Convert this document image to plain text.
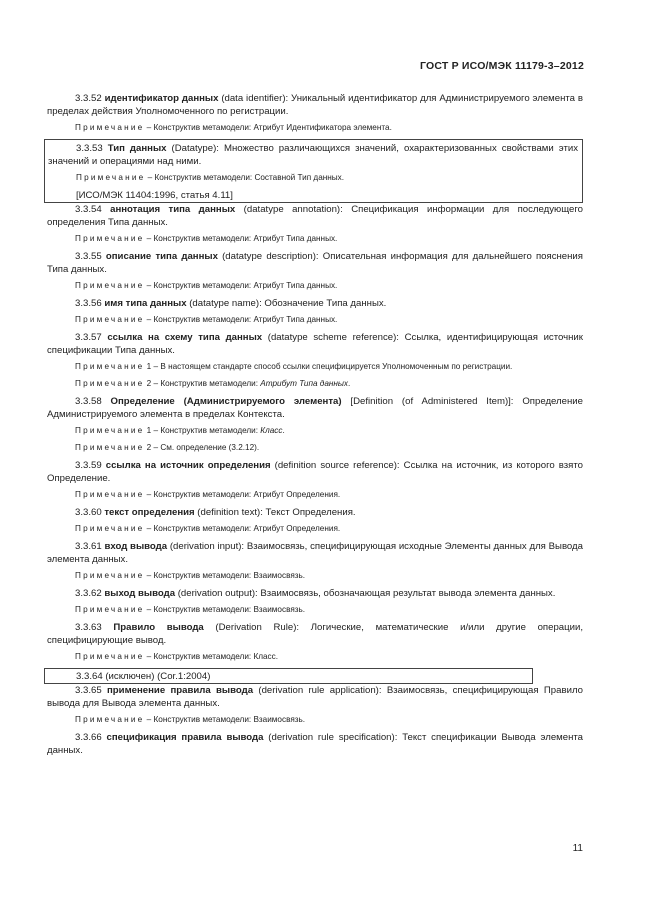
ГОСТ Р ИСО/МЭК 11179-3–2012

3.3.52 идентификатор данных (data identifier): Уникальный идентификатор для Администрируемого элемента в пределах действия Уполномоченного по регистрации.

Примечание – Конструктив метамодели: Атрибут Идентификатора элемента.

3.3.53 Тип данных (Datatype): Множество различающихся значений, охарактеризованных свойствами этих значений и операциями над ними.

Примечание – Конструктив метамодели: Составной Тип данных.

[ИСО/МЭК 11404:1996, статья 4.11]

3.3.54 аннотация типа данных (datatype annotation): Спецификация информации для последующего определения Типа данных.

Примечание – Конструктив метамодели: Атрибут Типа данных.

3.3.55 описание типа данных (datatype description): Описательная информация для дальнейшего пояснения Типа данных.

Примечание – Конструктив метамодели: Атрибут Типа данных.

3.3.56 имя типа данных (datatype name): Обозначение Типа данных.

Примечание – Конструктив метамодели: Атрибут Типа данных.

3.3.57 ссылка на схему типа данных (datatype scheme reference): Ссылка, идентифицирующая источник спецификации Типа данных.

Примечание 1 – В настоящем стандарте способ ссылки специфицируется Уполномоченным по регистрации.

Примечание 2 – Конструктив метамодели: Атрибут Типа данных.

3.3.58 Определение (Администрируемого элемента) [Definition (of Administered Item)]: Определение Администрируемого элемента в пределах Контекста.

Примечание 1 – Конструктив метамодели: Класс.

Примечание 2 – См. определение (3.2.12).

3.3.59 ссылка на источник определения (definition source reference): Ссылка на источник, из которого взято Определение.

Примечание – Конструктив метамодели: Атрибут Определения.

3.3.60 текст определения (definition text): Текст Определения.

Примечание – Конструктив метамодели: Атрибут Определения.

3.3.61 вход вывода (derivation input): Взаимосвязь, специфицирующая исходные Элементы данных для Вывода элемента данных.

Примечание – Конструктив метамодели: Взаимосвязь.

3.3.62 выход вывода (derivation output): Взаимосвязь, обозначающая результат вывода элемента данных.

Примечание – Конструктив метамодели: Взаимосвязь.

3.3.63 Правило вывода (Derivation Rule): Логические, математические и/или другие операции, специфицирующие вывод.

Примечание – Конструктив метамодели: Класс.

3.3.64 (исключен) (Cor.1:2004)

3.3.65 применение правила вывода (derivation rule application): Взаимосвязь, специфицирующая Правило вывода для Вывода элемента данных.

Примечание – Конструктив метамодели: Взаимосвязь.

3.3.66 спецификация правила вывода (derivation rule specification): Текст спецификации Вывода элемента данных.

11
